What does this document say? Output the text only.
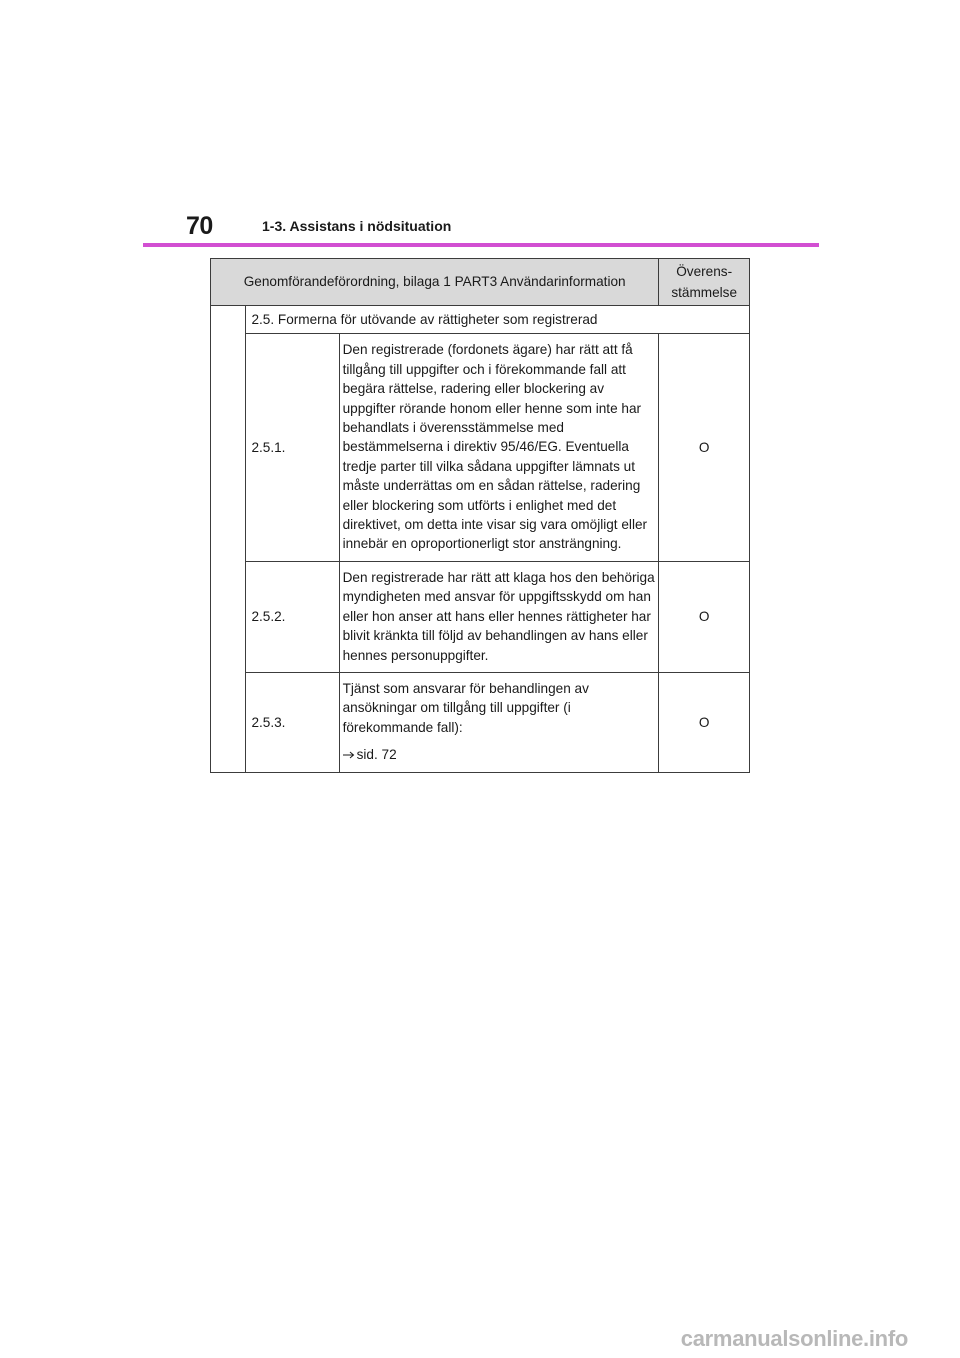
70	1-3. Assistans i nödsituation
Genomförandeförordning, bilaga 1 PART3 Användarinformation			Överens-
stämmelse
	2.5. Formerna för utövande av rättigheter som registrerad		
	2.5.1.	Den registrerade (fordonets ägare) har rätt att få tillgång till uppgifter och i förekommande fall att begära rättelse, radering eller blockering av uppgifter rörande honom eller henne som inte har behandlats i överensstämmelse med bestämmelserna i direktiv 95/46/EG. Eventuella tredje parter till vilka sådana uppgifter lämnats ut måste underrättas om en sådan rättelse, radering eller blockering som utförts i enlighet med det direktivet, om detta inte visar sig vara omöjligt eller innebär en oproportionerligt stor ansträngning.	O
	2.5.2.	Den registrerade har rätt att klaga hos den behöriga myndigheten med ansvar för uppgiftsskydd om han eller hon anser att hans eller hennes rättigheter har blivit kränkta till följd av behandlingen av hans eller hennes personuppgifter.	O
	2.5.3.	Tjänst som ansvarar för behandlingen av ansökningar om tillgång till uppgifter (i förekommande fall):
sid. 72	O
carmanualsonline.info
